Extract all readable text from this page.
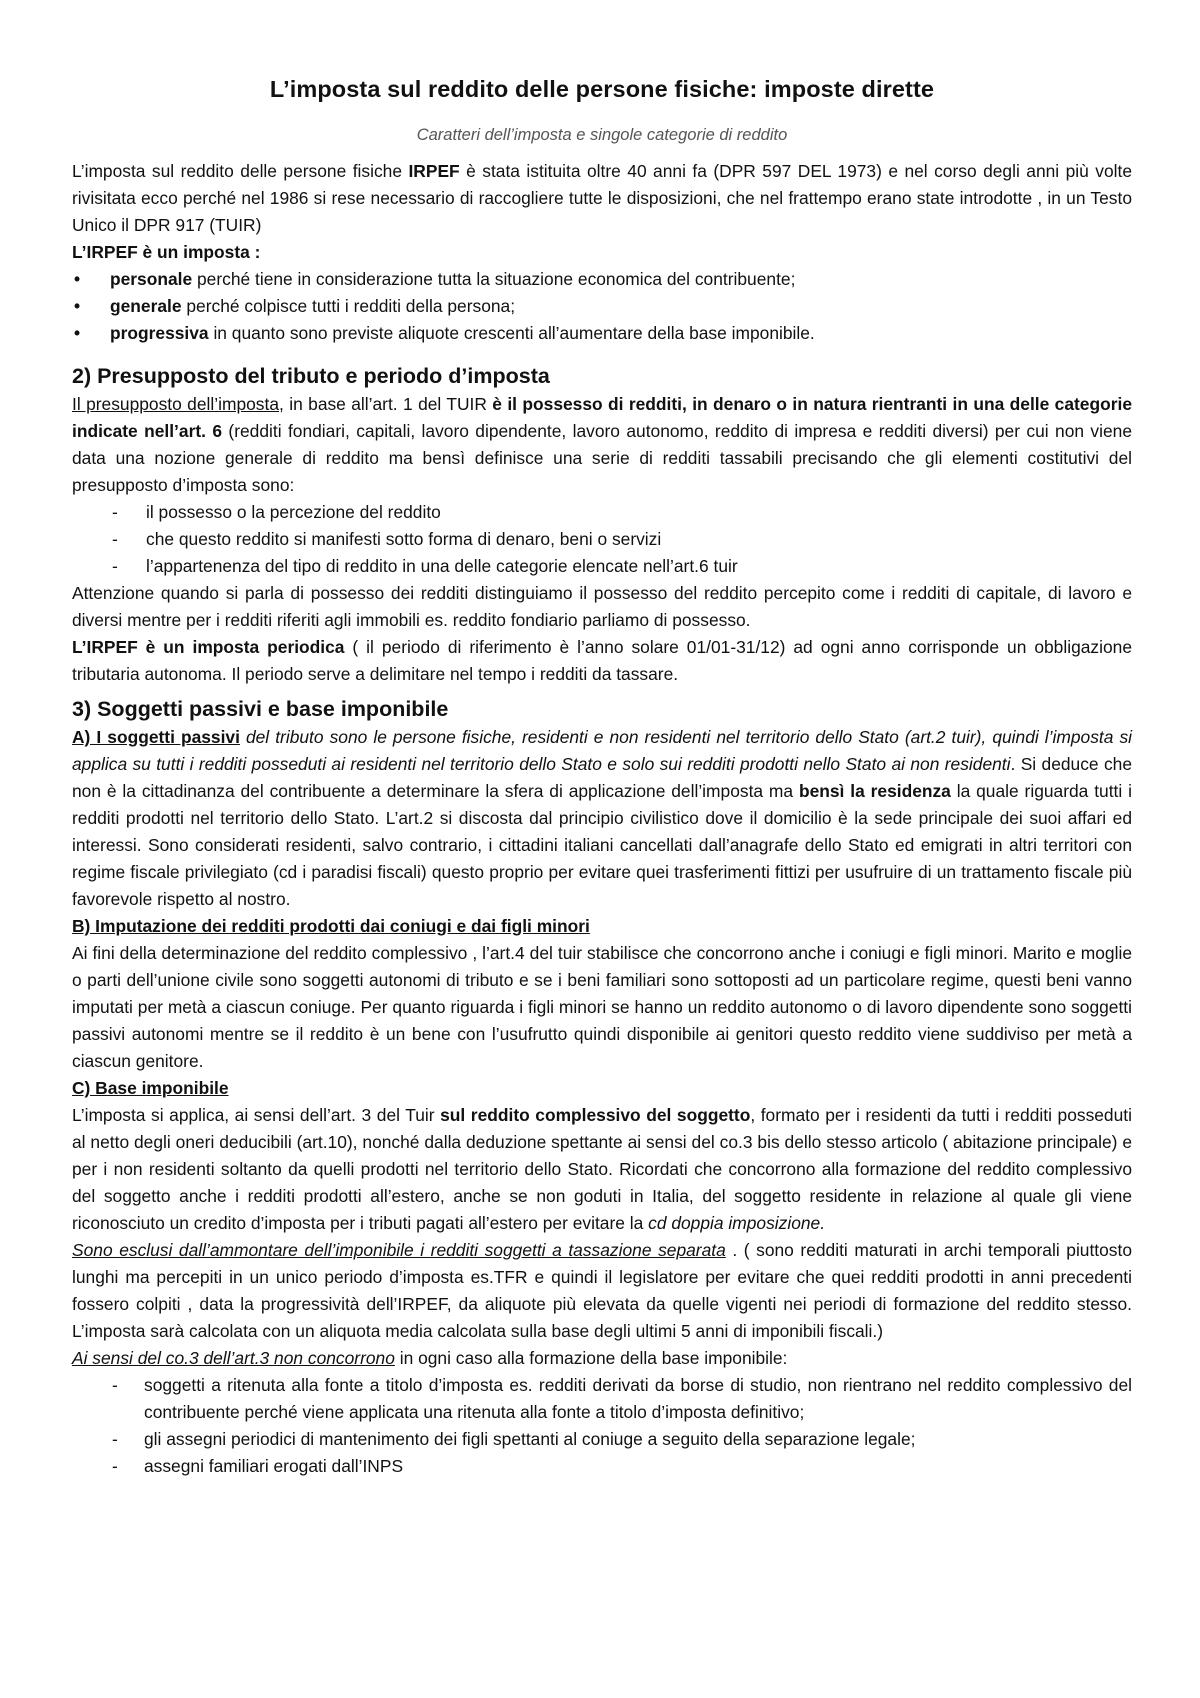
L’imposta sul reddito delle persone fisiche: imposte dirette

Caratteri dell’imposta e singole categorie di reddito

L’imposta sul reddito delle persone fisiche IRPEF è stata istituita oltre 40 anni fa (DPR 597 DEL 1973) e nel corso degli anni più volte rivisitata ecco perché nel 1986 si rese necessario di raccogliere tutte le disposizioni, che nel frattempo erano state introdotte , in un Testo Unico il DPR 917 (TUIR)

L’IRPEF è un imposta :

• personale perché tiene in considerazione tutta la situazione economica del contribuente;
• generale perché colpisce tutti i redditi della persona;
• progressiva in quanto sono previste aliquote crescenti all’aumentare della base imponibile.
2) Presupposto del tributo e periodo d’imposta

Il presupposto dell’imposta, in base all’art. 1 del TUIR è il possesso di redditi, in denaro o in natura rientranti in una delle categorie indicate nell’art. 6 (redditi fondiari, capitali, lavoro dipendente, lavoro autonomo, reddito di impresa e redditi diversi) per cui non viene data una nozione generale di reddito ma bensì definisce una serie di redditi tassabili precisando che gli elementi costitutivi del presupposto d’imposta sono:

- il possesso o la percezione del reddito
- che questo reddito si manifesti sotto forma di denaro, beni o servizi
- l’appartenenza del tipo di reddito in una delle categorie elencate nell’art.6 tuir

Attenzione quando si parla di possesso dei redditi distinguiamo il possesso del reddito percepito come i redditi di capitale, di lavoro e diversi mentre per i redditi riferiti agli immobili es. reddito fondiario parliamo di possesso.

L’IRPEF è un imposta periodica ( il periodo di riferimento è l’anno solare 01/01-31/12) ad ogni anno corrisponde un obbligazione tributaria autonoma. Il periodo serve a delimitare nel tempo i redditi da tassare.

3) Soggetti passivi e base imponibile

A) I soggetti passivi del tributo sono le persone fisiche, residenti e non residenti nel territorio dello Stato (art.2 tuir), quindi l’imposta si applica su tutti i redditi posseduti ai residenti nel territorio dello Stato e solo sui redditi prodotti nello Stato ai non residenti. Si deduce che non è la cittadinanza del contribuente a determinare la sfera di applicazione dell’imposta ma bensì la residenza la quale riguarda tutti i redditi prodotti nel territorio dello Stato. L’art.2 si discosta dal principio civilistico dove il domicilio è la sede principale dei suoi affari ed interessi. Sono considerati residenti, salvo contrario, i cittadini italiani cancellati dall’anagrafe dello Stato ed emigrati in altri territori con regime fiscale privilegiato (cd i paradisi fiscali) questo proprio per evitare quei trasferimenti fittizi per usufruire di un trattamento fiscale più favorevole rispetto al nostro.

B) Imputazione dei redditi prodotti dai coniugi e dai figli minori

Ai fini della determinazione del reddito complessivo , l’art.4 del tuir stabilisce che concorrono anche i coniugi e figli minori. Marito e moglie o parti dell’unione civile sono soggetti autonomi di tributo e se i beni familiari sono sottoposti ad un particolare regime, questi beni vanno imputati per metà a ciascun coniuge. Per quanto riguarda i figli minori se hanno un reddito autonomo o di lavoro dipendente sono soggetti passivi autonomi mentre se il reddito è un bene con l’usufrutto quindi disponibile ai genitori questo reddito viene suddiviso per metà a ciascun genitore.

C) Base imponibile

L’imposta si applica, ai sensi dell’art. 3 del Tuir sul reddito complessivo del soggetto, formato per i residenti da tutti i redditi posseduti al netto degli oneri deducibili (art.10), nonché dalla deduzione spettante ai sensi del co.3 bis dello stesso articolo ( abitazione principale) e per i non residenti soltanto da quelli prodotti nel territorio dello Stato. Ricordati che concorrono alla formazione del reddito complessivo del soggetto anche i redditi prodotti all’estero, anche se non goduti in Italia, del soggetto residente in relazione al quale gli viene riconosciuto un credito d’imposta per i tributi pagati all’estero per evitare la cd doppia imposizione.

Sono esclusi dall’ammontare dell’imponibile i redditi soggetti a tassazione separata . ( sono redditi maturati in archi temporali piuttosto lunghi ma percepiti in un unico periodo d’imposta es.TFR e quindi il legislatore per evitare che quei redditi prodotti in anni precedenti fossero colpiti , data la progressività dell’IRPEF, da aliquote più elevata da quelle vigenti nei periodi di formazione del reddito stesso. L’imposta sarà calcolata con un aliquota media calcolata sulla base degli ultimi 5 anni di imponibili fiscali.)

Ai sensi del co.3 dell’art.3 non concorrono in ogni caso alla formazione della base imponibile:

- soggetti a ritenuta alla fonte a titolo d’imposta es. redditi derivati da borse di studio, non rientrano nel reddito complessivo del contribuente perché viene applicata una ritenuta alla fonte a titolo d’imposta definitivo;
- gli assegni periodici di mantenimento dei figli spettanti al coniuge a seguito della separazione legale;
- assegni familiari erogati dall’INPS
